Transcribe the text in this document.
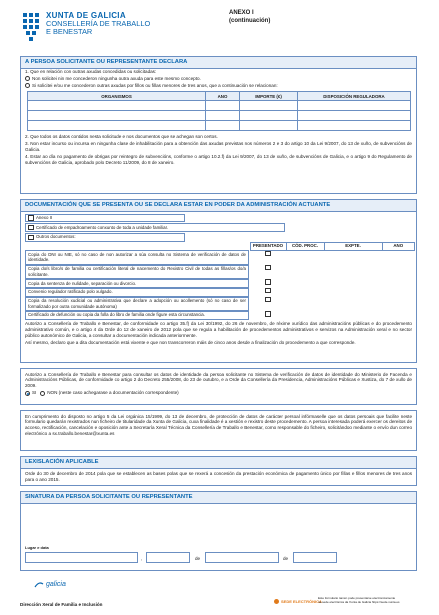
XUNTA DE GALICIA
CONSELLERÍA DE TRABALLO
E BENESTAR
ANEXO I
(continuación)
A PERSOA SOLICITANTE OU REPRESENTANTE DECLARA
1. Que en relación con outras axudas concedidas ou solicitadas:
Non solicitei nin me concederon ningunha outra axuda para este mesmo concepto.
Si solicitei e/ou me concederon outras axudas por fillos ou fillas menores de tres anos, que a continuación se relacionan:
ORGANISMOS	ANO	IMPORTE (€)	DISPOSICIÓN REGULADORA

2. Que todos os datos contidos nesta solicitude e nos documentos que se achegan son certos.
3. Non estar incurso ou incursa en ningunha clase de inhabilitación para a obtención das axudas previstas nos números 2 e 3 do artigo 10 da Lei 9/2007, do 13 de xuño, de subvencións de Galicia.
4. Estar ao día no pagamento de obrigas por reintegro de subvencións, conforme o artigo 10.2.f) da Lei 9/2007, do 13 de xuño, de subvencións de Galicia, e o artigo 9 do Regulamento de subvencións de Galicia, aprobado polo Decreto 11/2009, do 8 de xaneiro.
DOCUMENTACIÓN QUE SE PRESENTA OU SE DECLARA ESTAR EN PODER DA ADMINISTRACIÓN ACTUANTE
Anexo II				

Certificado de empadroamento conxunto de toda a unidade familiar.				

Outros documentos:				

	PRESENTADO	CÓD. PROC.	EXPTE.	ANO

Copia do DNI ou NIE, só no caso de non autorizar a súa consulta no Sistema de verificación de datos de identidade.				

Copia do/s libro/s de familia ou certificación literal de nacemento do Rexistro Civil de todas as fillas/os do/a solicitante.				

Copia da sentenza de nulidade, separación ou divorcio.				

Convenio regulador ratificado polo xulgado.				

Copia da resolución xudicial ou administrativa que declare a adopción ou acollemento (só no caso de ser formalizado por outra comunidade autónoma)				

Certificado de defunción ou copia da folla do libro de familia onde figure esta circunstancia.				

Autorizo a Consellería de Traballo e Benestar, de conformidade co artigo 35.f) da Lei 30/1992, do 26 de novembro, de réxime xurídico das administracións públicas e do procedemento administrativo común, e o artigo 4 da Orde do 12 de xaneiro de 2012 pola que se regula a habilitación de procedementos administrativos e servizos na Administración xeral e no sector público autonómico de Galicia, a consultar a documentación indicada anteriormente.
Así mesmo, declaro que a dita documentación está vixente e que non transcorreron máis de cinco anos desde a finalización do procedemento a que corresponde.
Autorizo a Consellería de Traballo e Benestar para consultar os datos de identidade da persoa solicitante no Sistema de verificación de datos de identidade do Ministerio de Facenda e Administracións Públicas, de conformidade co artigo 2 do Decreto 255/2008, do 23 de outubro, e a Orde da Consellería da Presidencia, Administracións Públicas e Xustiza, do 7 de xullo de 2009.
SI NON (neste caso achegarase a documentación correspondente)
En cumprimento do disposto no artigo 5 da Lei orgánica 15/1999, do 13 de decembro, de protección de datos de carácter persoal infórmaselle que os datos persoais que facilite neste formulario quedarán rexistrados nun ficheiro de titularidade da Xunta de Galicia, cuxa finalidade é a xestión e rexistro deste procedemento. A persoa interesada poderá exercer os dereitos de acceso, rectificación, cancelación e oposición ante a Secretaría Xeral Técnica da Consellería de Traballo e Benestar, como responsable do ficheiro, solicitándoo mediante o envío dun correo electrónico a sx.traballo.benestar@xunta.es
LEXISLACIÓN APLICABLE
Orde do 30 de decembro de 2014 pola que se establecen as bases polas que se rexerá a concesión da prestación económica de pagamento único por fillas e fillos menores de tres anos para o ano 2015.
SINATURA DA PERSOA SOLICITANTE OU REPRESENTANTE
Lugar e data
,	de	de
galicia
Dirección Xeral de Familia e Inclusión
SEDE ELECTRÓNICA
Este formulario tamén pode presentarse electronicamente
na sede electrónica da Xunta de Galicia https://sede.xunta.es
